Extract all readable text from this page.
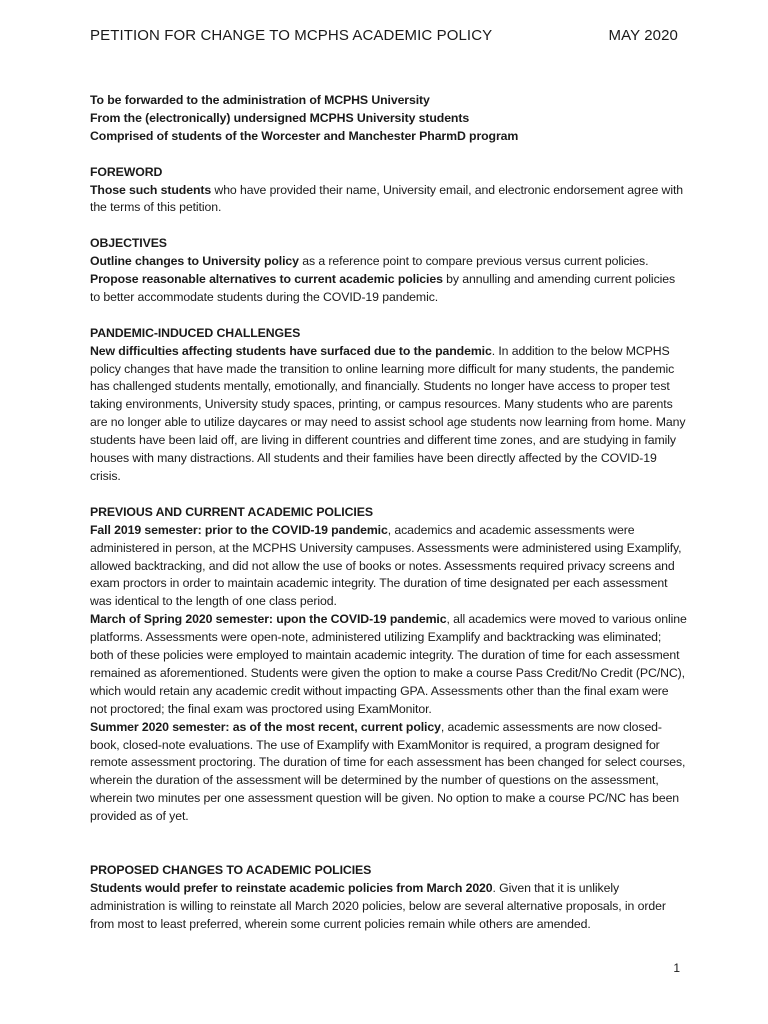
PETITION FOR CHANGE TO MCPHS ACADEMIC POLICY	MAY 2020
To be forwarded to the administration of MCPHS University
From the (electronically) undersigned MCPHS University students
Comprised of students of the Worcester and Manchester PharmD program
FOREWORD

Those such students who have provided their name, University email, and electronic endorsement agree with the terms of this petition.

OBJECTIVES

Outline changes to University policy as a reference point to compare previous versus current policies.

Propose reasonable alternatives to current academic policies by annulling and amending current policies to better accommodate students during the COVID-19 pandemic.

PANDEMIC-INDUCED CHALLENGES

New difficulties affecting students have surfaced due to the pandemic. In addition to the below MCPHS policy changes that have made the transition to online learning more difficult for many students, the pandemic has challenged students mentally, emotionally, and financially. Students no longer have access to proper test taking environments, University study spaces, printing, or campus resources. Many students who are parents are no longer able to utilize daycares or may need to assist school age students now learning from home. Many students have been laid off, are living in different countries and different time zones, and are studying in family houses with many distractions. All students and their families have been directly affected by the COVID-19 crisis.

PREVIOUS AND CURRENT ACADEMIC POLICIES

Fall 2019 semester: prior to the COVID-19 pandemic, academics and academic assessments were administered in person, at the MCPHS University campuses. Assessments were administered using Examplify, allowed backtracking, and did not allow the use of books or notes. Assessments required privacy screens and exam proctors in order to maintain academic integrity. The duration of time designated per each assessment was identical to the length of one class period.

March of Spring 2020 semester: upon the COVID-19 pandemic, all academics were moved to various online platforms. Assessments were open-note, administered utilizing Examplify and backtracking was eliminated; both of these policies were employed to maintain academic integrity. The duration of time for each assessment remained as aforementioned. Students were given the option to make a course Pass Credit/No Credit (PC/NC), which would retain any academic credit without impacting GPA. Assessments other than the final exam were not proctored; the final exam was proctored using ExamMonitor.

Summer 2020 semester: as of the most recent, current policy, academic assessments are now closed-book, closed-note evaluations. The use of Examplify with ExamMonitor is required, a program designed for remote assessment proctoring. The duration of time for each assessment has been changed for select courses, wherein the duration of the assessment will be determined by the number of questions on the assessment, wherein two minutes per one assessment question will be given. No option to make a course PC/NC has been provided as of yet.

PROPOSED CHANGES TO ACADEMIC POLICIES

Students would prefer to reinstate academic policies from March 2020. Given that it is unlikely administration is willing to reinstate all March 2020 policies, below are several alternative proposals, in order from most to least preferred, wherein some current policies remain while others are amended.

1
